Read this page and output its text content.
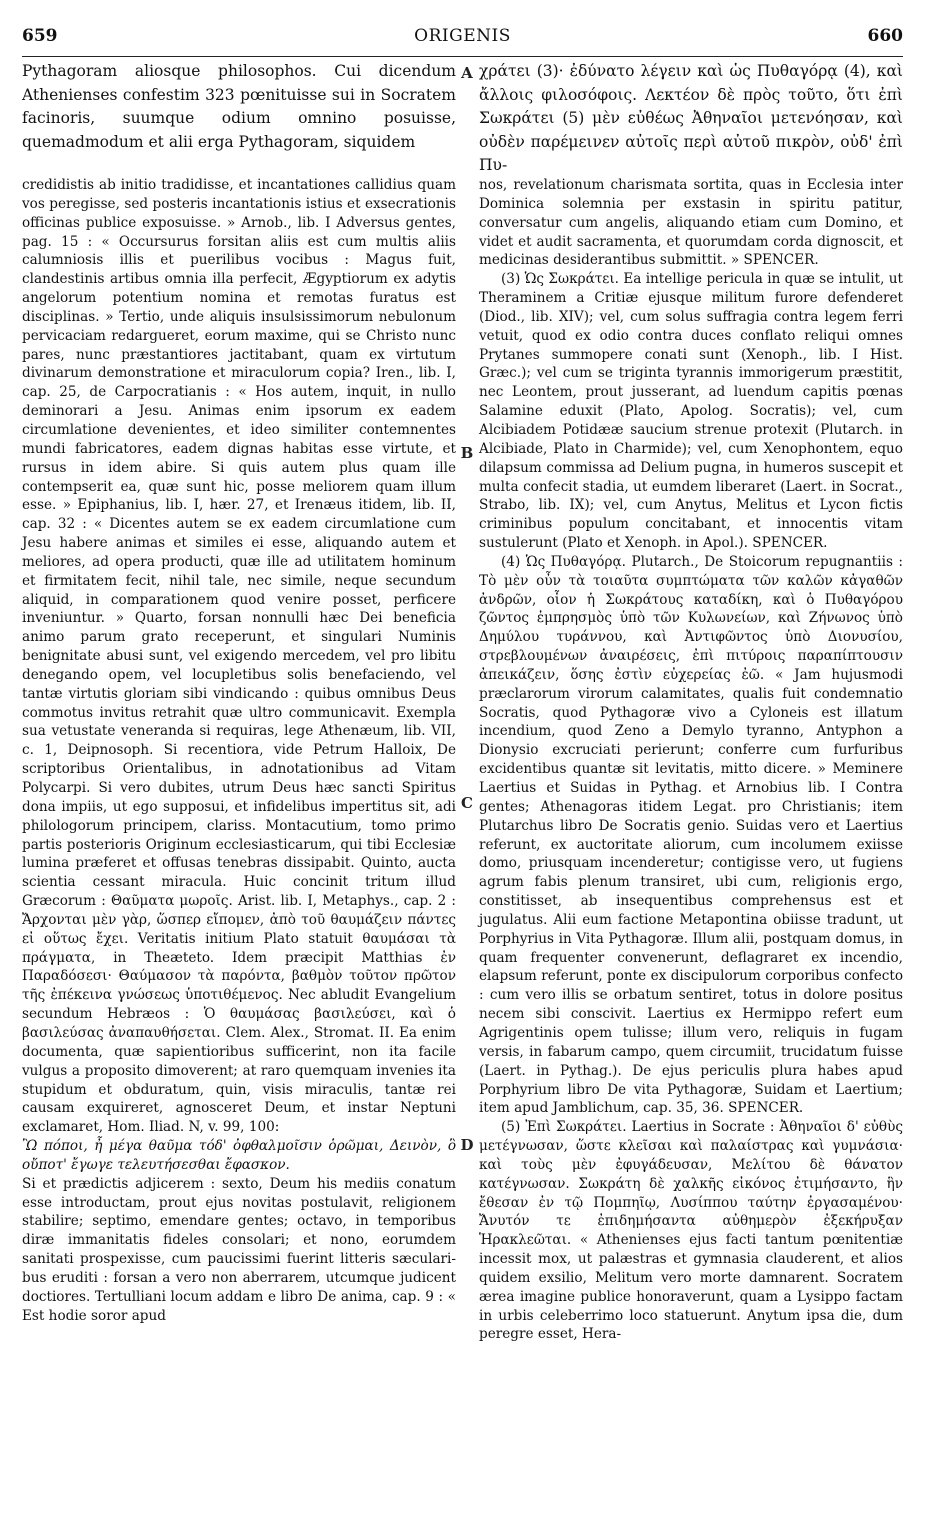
659	ORIGENIS	660

Pythagoram aliosque philosophos. Cui dicendum Athenienses confestim 323 pœnituisse sui in Socratem facinoris, suumque odium omnino posuisse, quemadmodum et alii erga Pythagoram, siquidem

χράτει (3)· ἐδύνατο λέγειν καὶ ὡς Πυθαγόρᾳ (4), καὶ ἄλλοις φιλοσόφοις. Λεκτέον δὲ πρὸς τοῦτο, ὅτι ἐπὶ Σωκράτει (5) μὲν εὐθέως Ἀθηναῖοι μετενόησαν, καὶ οὐδὲν παρέμεινεν αὐτοῖς περὶ αὐτοῦ πικρὸν, οὐδ' ἐπὶ Πυ-

A
B
C
D

credidistis ab initio tradidisse, et incantationes callidius quam vos peregisse, sed posteris incantationis istius et exsecrationis officinas publice exposuisse. » Arnob., lib. I Adversus gentes, pag. 15 : « Occursurus forsitan aliis est cum multis aliis calumniosis illis et puerilibus vocibus : Magus fuit, clandestinis artibus omnia illa perfecit, Ægyptiorum ex adytis angelorum potentium nomina et remotas furatus est disciplinas. » Tertio, unde aliquis insulsissimorum nebulonum pervicaciam redargueret, eorum maxime, qui se Christo nunc pares, nunc præstantiores jactitabant, quam ex virtutum divinarum demonstratione et miraculorum copia? Iren., lib. I, cap. 25, de Carpocratianis : « Hos autem, inquit, in nullo deminorari a Jesu. Animas enim ipsorum ex eadem circumlatione devenientes, et ideo similiter contemnentes mundi fabricatores, eadem dignas habitas esse virtute, et rursus in idem abire. Si quis autem plus quam ille contempserit ea, quæ sunt hic, posse meliorem quam illum esse. » Epiphanius, lib. I, hær. 27, et Irenæus itidem, lib. II, cap. 32 : « Dicentes autem se ex eadem circumlatione cum Jesu habere animas et similes ei esse, aliquando autem et meliores, ad opera producti, quæ ille ad utilitatem hominum et firmitatem fecit, nihil tale, nec simile, neque secundum aliquid, in comparationem quod venire posset, perficere inveniuntur. » Quarto, forsan nonnulli hæc Dei beneficia animo parum grato receperunt, et singulari Numinis benignitate abusi sunt, vel exigendo mercedem, vel pro libitu denegando opem, vel locupletibus solis benefaciendo, vel tantæ virtutis gloriam sibi vindicando : quibus omnibus Deus commotus invitus retrahit quæ ultro communicavit. Exempla sua vetustate veneranda si requiras, lege Athenæum, lib. VII, c. 1, Deipnosoph. Si recentiora, vide Petrum Halloix, De scriptoribus Orientalibus, in adnotationibus ad Vitam Polycarpi. Si vero dubites, utrum Deus hæc sancti Spiritus dona impiis, ut ego supposui, et infidelibus impertitus sit, adi philologorum principem, clariss. Montacutium, tomo primo partis posterioris Originum ecclesiasticarum, qui tibi Ecclesiæ lumina præferet et offusas tenebras dissipabit. Quinto, aucta scientia cessant miracula. Huic concinit tritum illud Græcorum : Θαῦματα μωροῖς. Arist. lib. I, Metaphys., cap. 2 : Ἄρχονται μὲν γὰρ, ὥσπερ εἴπομεν, ἀπὸ τοῦ θαυμάζειν πάντες εἰ οὕτως ἔχει. Veritatis initium Plato statuit θαυμάσαι τὰ πράγματα, in Theæteto. Idem præcipit Matthias ἐν Παραδόσεσι· Θαύμασον τὰ παρόντα, βαθμὸν τοῦτον πρῶτον τῆς ἐπέκεινα γνώσεως ὑποτιθέμενος. Nec abludit Evangelium secundum Hebræos : Ὁ θαυμάσας βασιλεύσει, καὶ ὁ βασιλεύσας ἀναπαυθήσεται. Clem. Alex., Stromat. II. Ea enim documenta, quæ sapientioribus sufficerint, non ita facile vulgus a proposito dimoverent; at raro quemquam invenies ita stupidum et obduratum, quin, visis miraculis, tantæ rei causam exquireret, agnosceret Deum, et instar Neptuni exclamaret, Hom. Iliad. N, v. 99, 100:

Ὢ πόποι, ἦ μέγα θαῦμα τόδ' ὀφθαλμοῖσιν ὁρῶμαι, Δεινὸν, ὃ οὔποτ' ἔγωγε τελευτήσεσθαι ἔφασκον.

Si et prædictis adjicerem : sexto, Deum his mediis conatum esse introductam, prout ejus novitas postulavit, religionem stabilire; septimo, emendare gentes; octavo, in temporibus diræ immanitatis fideles consolari; et nono, eorumdem sanitati prospexisse, cum paucissimi fuerint litteris sæculari-bus eruditi : forsan a vero non aberrarem, utcumque judicent doctiores. Tertulliani locum addam e libro De anima, cap. 9 : « Est hodie soror apud

nos, revelationum charismata sortita, quas in Ecclesia inter Dominica solemnia per exstasin in spiritu patitur, conversatur cum angelis, aliquando etiam cum Domino, et videt et audit sacramenta, et quorumdam corda dignoscit, et medicinas desiderantibus submittit. » SPENCER.

(3) Ὡς Σωκράτει. Ea intellige pericula in quæ se intulit, ut Theraminem a Critiæ ejusque militum furore defenderet (Diod., lib. XIV); vel, cum solus suffragia contra legem ferri vetuit, quod ex odio contra duces conflato reliqui omnes Prytanes summopere conati sunt (Xenoph., lib. I Hist. Græc.); vel cum se triginta tyrannis immorigerum præstitit, nec Leontem, prout jusserant, ad luendum capitis pœnas Salamine eduxit (Plato, Apolog. Socratis); vel, cum Alcibiadem Potidææ saucium strenue protexit (Plutarch. in Alcibiade, Plato in Charmide); vel, cum Xenophontem, equo dilapsum commissa ad Delium pugna, in humeros suscepit et multa confecit stadia, ut eumdem liberaret (Laert. in Socrat., Strabo, lib. IX); vel, cum Anytus, Melitus et Lycon fictis criminibus populum concitabant, et innocentis vitam sustulerunt (Plato et Xenoph. in Apol.). SPENCER.

(4) Ὡς Πυθαγόρᾳ. Plutarch., De Stoicorum repugnantiis : Τὸ μὲν οὖν τὰ τοιαῦτα συμπτώματα τῶν καλῶν κἀγαθῶν ἀνδρῶν, οἷον ἡ Σωκράτους καταδίκη, καὶ ὁ Πυθαγόρου ζῶντος ἐμπρησμὸς ὑπὸ τῶν Κυλωνείων, καὶ Ζήνωνος ὑπὸ Δημύλου τυράννου, καὶ Ἀντιφῶντος ὑπὸ Διονυσίου, στρεβλουμένων ἀναιρέσεις, ἐπὶ πιτύροις παραπίπτουσιν ἀπεικάζειν, ὅσης ἐστὶν εὐχερείας ἐῶ. « Jam hujusmodi præclarorum virorum calamitates, qualis fuit condemnatio Socratis, quod Pythagoræ vivo a Cyloneis est illatum incendium, quod Zeno a Demylo tyranno, Antyphon a Dionysio excruciati perierunt; conferre cum furfuribus excidentibus quantæ sit levitatis, mitto dicere. » Meminere Laertius et Suidas in Pythag. et Arnobius lib. I Contra gentes; Athenagoras itidem Legat. pro Christianis; item Plutarchus libro De Socratis genio. Suidas vero et Laertius referunt, ex auctoritate aliorum, cum incolumem exiisse domo, priusquam incenderetur; contigisse vero, ut fugiens agrum fabis plenum transiret, ubi cum, religionis ergo, constitisset, ab insequentibus comprehensus est et jugulatus. Alii eum factione Metapontina obiisse tradunt, ut Porphyrius in Vita Pythagoræ. Illum alii, postquam domus, in quam frequenter convenerunt, deflagraret ex incendio, elapsum referunt, ponte ex discipulorum corporibus confecto : cum vero illis se orbatum sentiret, totus in dolore positus necem sibi conscivit. Laertius ex Hermippo refert eum Agrigentinis opem tulisse; illum vero, reliquis in fugam versis, in fabarum campo, quem circumiit, trucidatum fuisse (Laert. in Pythag.). De ejus periculis plura habes apud Porphyrium libro De vita Pythagoræ, Suidam et Laertium; item apud Jamblichum, cap. 35, 36. SPENCER.

(5) Ἐπὶ Σωκράτει. Laertius in Socrate : Ἀθηναῖοι δ' εὐθὺς μετέγνωσαν, ὥστε κλεῖσαι καὶ παλαίστρας καὶ γυμνάσια· καὶ τοὺς μὲν ἐφυγάδευσαν, Μελίτου δὲ θάνατον κατέγνωσαν. Σωκράτη δὲ χαλκῆς εἰκόνος ἐτιμήσαντο, ἣν ἔθεσαν ἐν τῷ Πομπηῖῳ, Λυσίππου ταύτην ἐργασαμένου· Ἄνυτόν τε ἐπιδημήσαντα αὐθημερὸν ἐξεκήρυξαν Ἡρακλεῶται. « Athenienses ejus facti tantum pœnitentiæ incessit mox, ut palæstras et gymnasia clauderent, et alios quidem exsilio, Melitum vero morte damnarent. Socratem ærea imagine publice honoraverunt, quam a Lysippo factam in urbis celeberrimo loco statuerunt. Anytum ipsa die, dum peregre esset, Hera-
